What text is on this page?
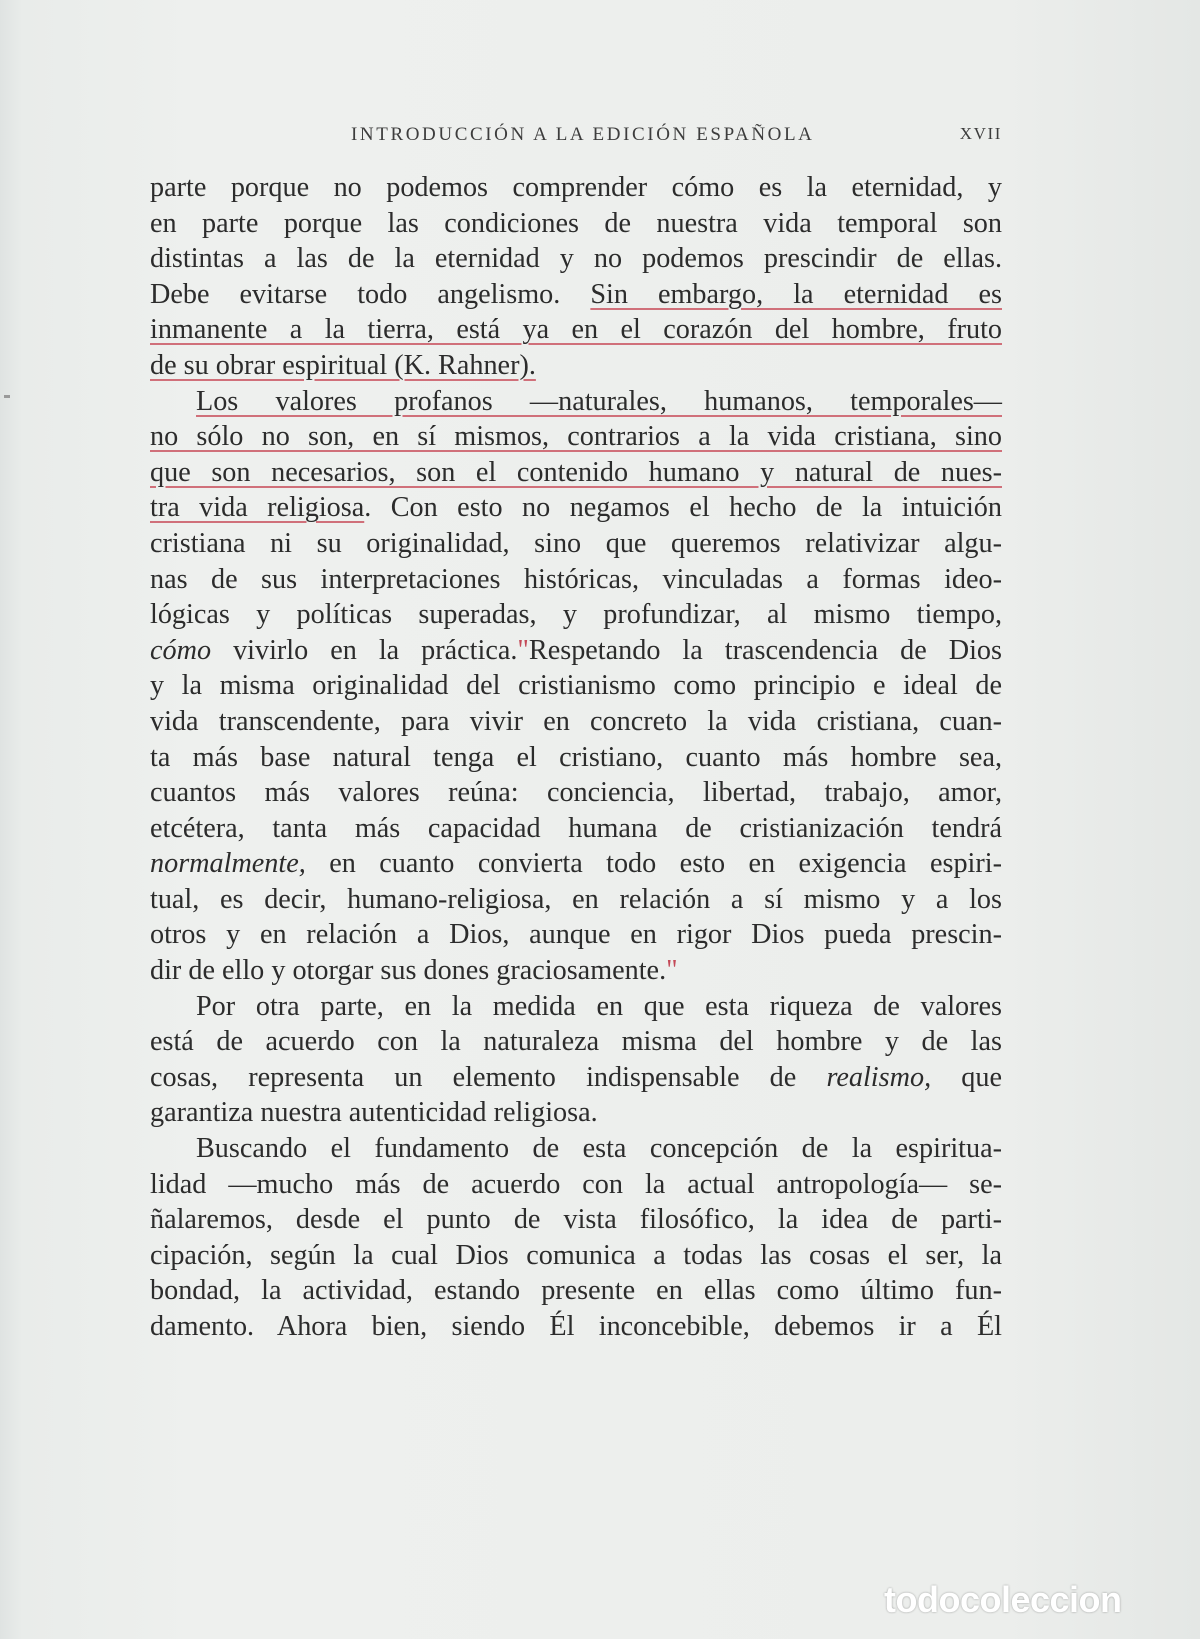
INTRODUCCIÓN A LA EDICIÓN ESPAÑOLA	XVII
parte porque no podemos comprender cómo es la eternidad, y
en parte porque las condiciones de nuestra vida temporal son
distintas a las de la eternidad y no podemos prescindir de ellas.
Debe evitarse todo angelismo. Sin embargo, la eternidad es
inmanente a la tierra, está ya en el corazón del hombre, fruto
de su obrar espiritual (K. Rahner).
Los valores profanos —naturales, humanos, temporales—
no sólo no son, en sí mismos, contrarios a la vida cristiana, sino
que son necesarios, son el contenido humano y natural de nues-
tra vida religiosa. Con esto no negamos el hecho de la intuición
cristiana ni su originalidad, sino que queremos relativizar algu-
nas de sus interpretaciones históricas, vinculadas a formas ideo-
lógicas y políticas superadas, y profundizar, al mismo tiempo,
cómo vivirlo en la práctica."Respetando la trascendencia de Dios
y la misma originalidad del cristianismo como principio e ideal de
vida transcendente, para vivir en concreto la vida cristiana, cuan-
ta más base natural tenga el cristiano, cuanto más hombre sea,
cuantos más valores reúna: conciencia, libertad, trabajo, amor,
etcétera, tanta más capacidad humana de cristianización tendrá
normalmente, en cuanto convierta todo esto en exigencia espiri-
tual, es decir, humano-religiosa, en relación a sí mismo y a los
otros y en relación a Dios, aunque en rigor Dios pueda prescin-
dir de ello y otorgar sus dones graciosamente."
Por otra parte, en la medida en que esta riqueza de valores
está de acuerdo con la naturaleza misma del hombre y de las
cosas, representa un elemento indispensable de realismo, que
garantiza nuestra autenticidad religiosa.
Buscando el fundamento de esta concepción de la espiritua-
lidad —mucho más de acuerdo con la actual antropología— se-
ñalaremos, desde el punto de vista filosófico, la idea de parti-
cipación, según la cual Dios comunica a todas las cosas el ser, la
bondad, la actividad, estando presente en ellas como último fun-
damento. Ahora bien, siendo Él inconcebible, debemos ir a Él
todocoleccion
